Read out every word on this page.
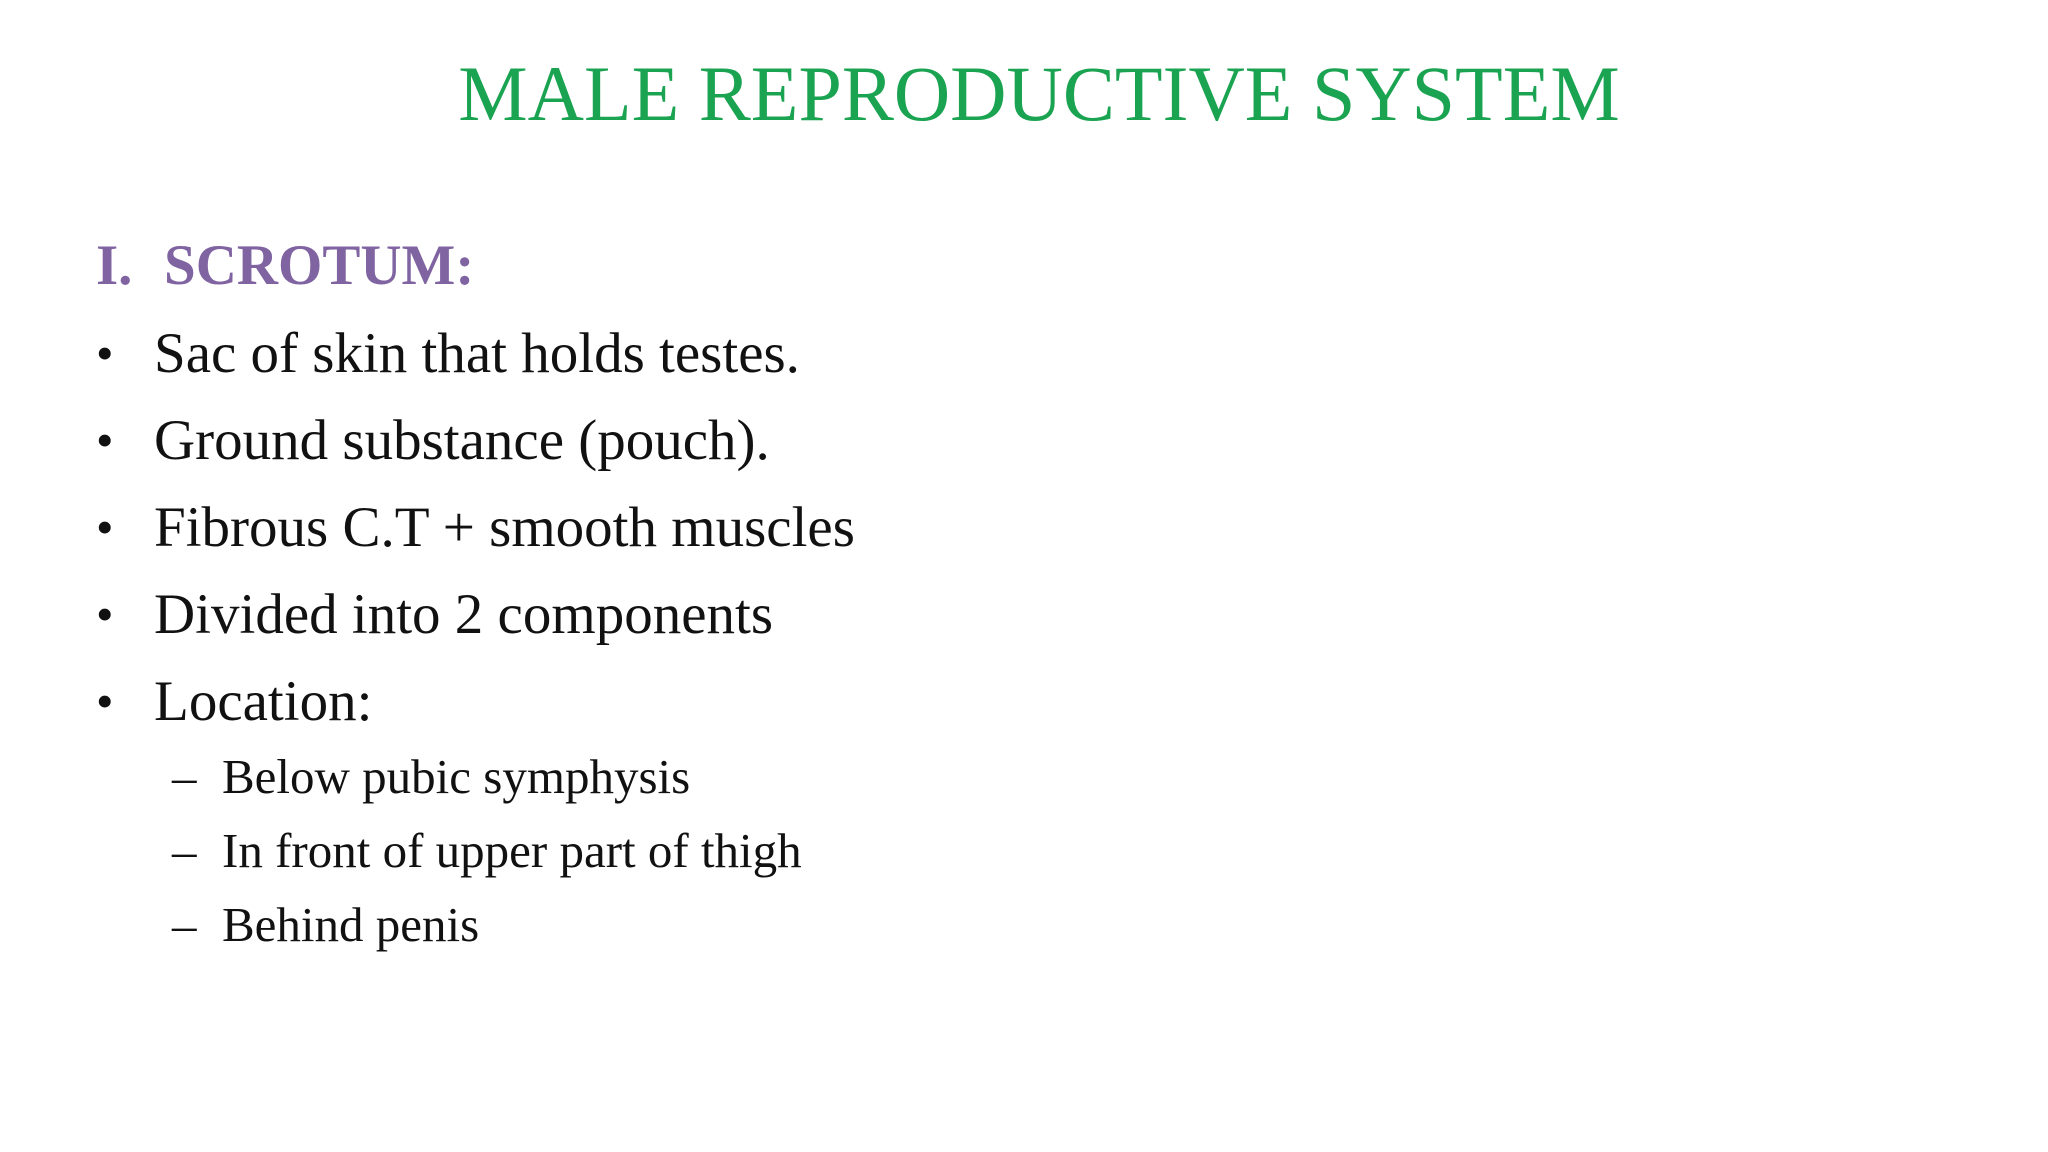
MALE REPRODUCTIVE SYSTEM
I. SCROTUM:
• Sac of skin that holds testes.
• Ground substance (pouch).
• Fibrous C.T + smooth muscles
• Divided into 2 components
• Location:
– Below pubic symphysis
– In front of upper part of thigh
– Behind penis
